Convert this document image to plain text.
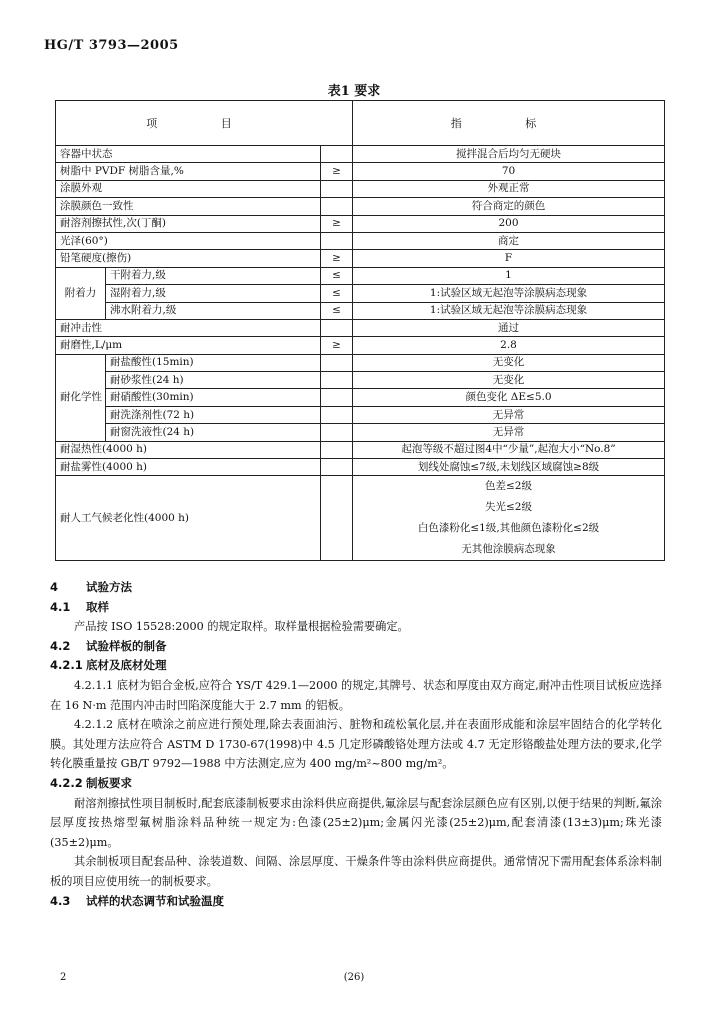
HG/T 3793—2005
表1 要求
项 目			指 标
容器中状态			搅拌混合后均匀无硬块
树脂中 PVDF 树脂含量,%		≥	70
涂膜外观			外观正常
涂膜颜色一致性			符合商定的颜色
耐溶剂擦拭性,次(丁酮)		≥	200
光泽(60°)			商定
铅笔硬度(擦伤)		≥	F
附着力	干附着力,级	≤	1
	湿附着力,级	≤	1:试验区域无起泡等涂膜病态现象
	沸水附着力,级	≤	1:试验区域无起泡等涂膜病态现象
耐冲击性			通过
耐磨性,L/μm		≥	2.8
耐化学性	耐盐酸性(15min)		无变化
	耐砂浆性(24 h)		无变化
	耐硝酸性(30min)		颜色变化 ΔE≤5.0
	耐洗涤剂性(72 h)		无异常
	耐窗洗液性(24 h)		无异常
耐湿热性(4000 h)			起泡等级不超过图4中“少量”,起泡大小“No.8”
耐盐雾性(4000 h)			划线处腐蚀≤7级,未划线区域腐蚀≥8级
耐人工气候老化性(4000 h)			色差≤2级
失光≤2级
白色漆粉化≤1级,其他颜色漆粉化≤2级
无其他涂膜病态现象
4 试验方法
4.1 取样
产品按 ISO 15528:2000 的规定取样。取样量根据检验需要确定。
4.2 试验样板的制备
4.2.1 底材及底材处理
4.2.1.1 底材为铝合金板,应符合 YS/T 429.1—2000 的规定,其牌号、状态和厚度由双方商定,耐冲击性项目试板应选择在 16 N·m 范围内冲击时凹陷深度能大于 2.7 mm 的铝板。
4.2.1.2 底材在喷涂之前应进行预处理,除去表面油污、脏物和疏松氧化层,并在表面形成能和涂层牢固结合的化学转化膜。其处理方法应符合 ASTM D 1730-67(1998)中 4.5 几定形磷酸铬处理方法或 4.7 无定形铬酸盐处理方法的要求,化学转化膜重量按 GB/T 9792—1988 中方法测定,应为 400 mg/m²~800 mg/m²。
4.2.2 制板要求
耐溶剂擦拭性项目制板时,配套底漆制板要求由涂料供应商提供,氟涂层与配套涂层颜色应有区别,以便于结果的判断,氟涂层厚度按热熔型氟树脂涂料品种统一规定为:色漆(25±2)μm;金属闪光漆(25±2)μm,配套清漆(13±3)μm;珠光漆(35±2)μm。
其余制板项目配套品种、涂装道数、间隔、涂层厚度、干燥条件等由涂料供应商提供。通常情况下需用配套体系涂料制板的项目应使用统一的制板要求。
4.3 试样的状态调节和试验温度
2	(26)
